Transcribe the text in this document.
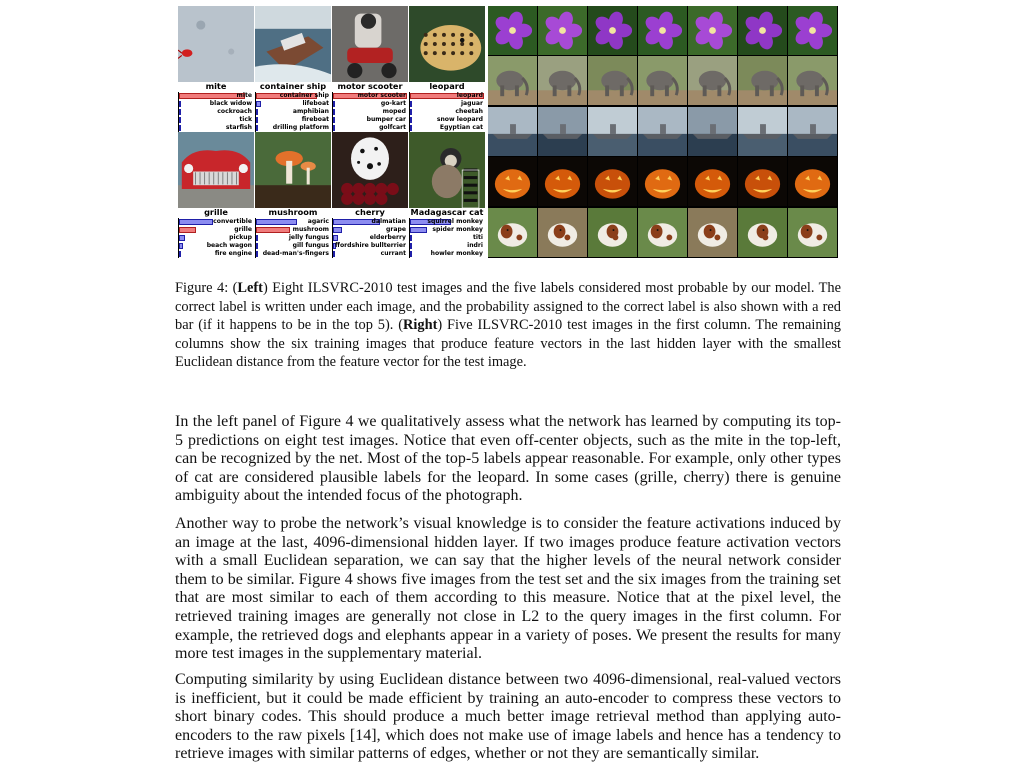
mite
mite
black widow
cockroach
tick
starfish
container ship
container ship
lifeboat
amphibian
fireboat
drilling platform
motor scooter
motor scooter
go-kart
moped
bumper car
golfcart
leopard
leopard
jaguar
cheetah
snow leopard
Egyptian cat
grille
convertible
grille
pickup
beach wagon
fire engine
mushroom
agaric
mushroom
jelly fungus
gill fungus
dead-man's-fingers
cherry
dalmatian
grape
elderberry
ffordshire bullterrier
currant
Madagascar cat
squirrel monkey
spider monkey
titi
indri
howler monkey
Figure 4: (Left) Eight ILSVRC-2010 test images and the five labels considered most probable by our model. The correct label is written under each image, and the probability assigned to the correct label is also shown with a red bar (if it happens to be in the top 5). (Right) Five ILSVRC-2010 test images in the first column. The remaining columns show the six training images that produce feature vectors in the last hidden layer with the smallest Euclidean distance from the feature vector for the test image.
In the left panel of Figure 4 we qualitatively assess what the network has learned by computing its top-5 predictions on eight test images. Notice that even off-center objects, such as the mite in the top-left, can be recognized by the net. Most of the top-5 labels appear reasonable. For example, only other types of cat are considered plausible labels for the leopard. In some cases (grille, cherry) there is genuine ambiguity about the intended focus of the photograph.
Another way to probe the network’s visual knowledge is to consider the feature activations induced by an image at the last, 4096-dimensional hidden layer. If two images produce feature activation vectors with a small Euclidean separation, we can say that the higher levels of the neural network consider them to be similar. Figure 4 shows five images from the test set and the six images from the training set that are most similar to each of them according to this measure. Notice that at the pixel level, the retrieved training images are generally not close in L2 to the query images in the first column. For example, the retrieved dogs and elephants appear in a variety of poses. We present the results for many more test images in the supplementary material.
Computing similarity by using Euclidean distance between two 4096-dimensional, real-valued vectors is inefficient, but it could be made efficient by training an auto-encoder to compress these vectors to short binary codes. This should produce a much better image retrieval method than applying auto-encoders to the raw pixels [14], which does not make use of image labels and hence has a tendency to retrieve images with similar patterns of edges, whether or not they are semantically similar.
